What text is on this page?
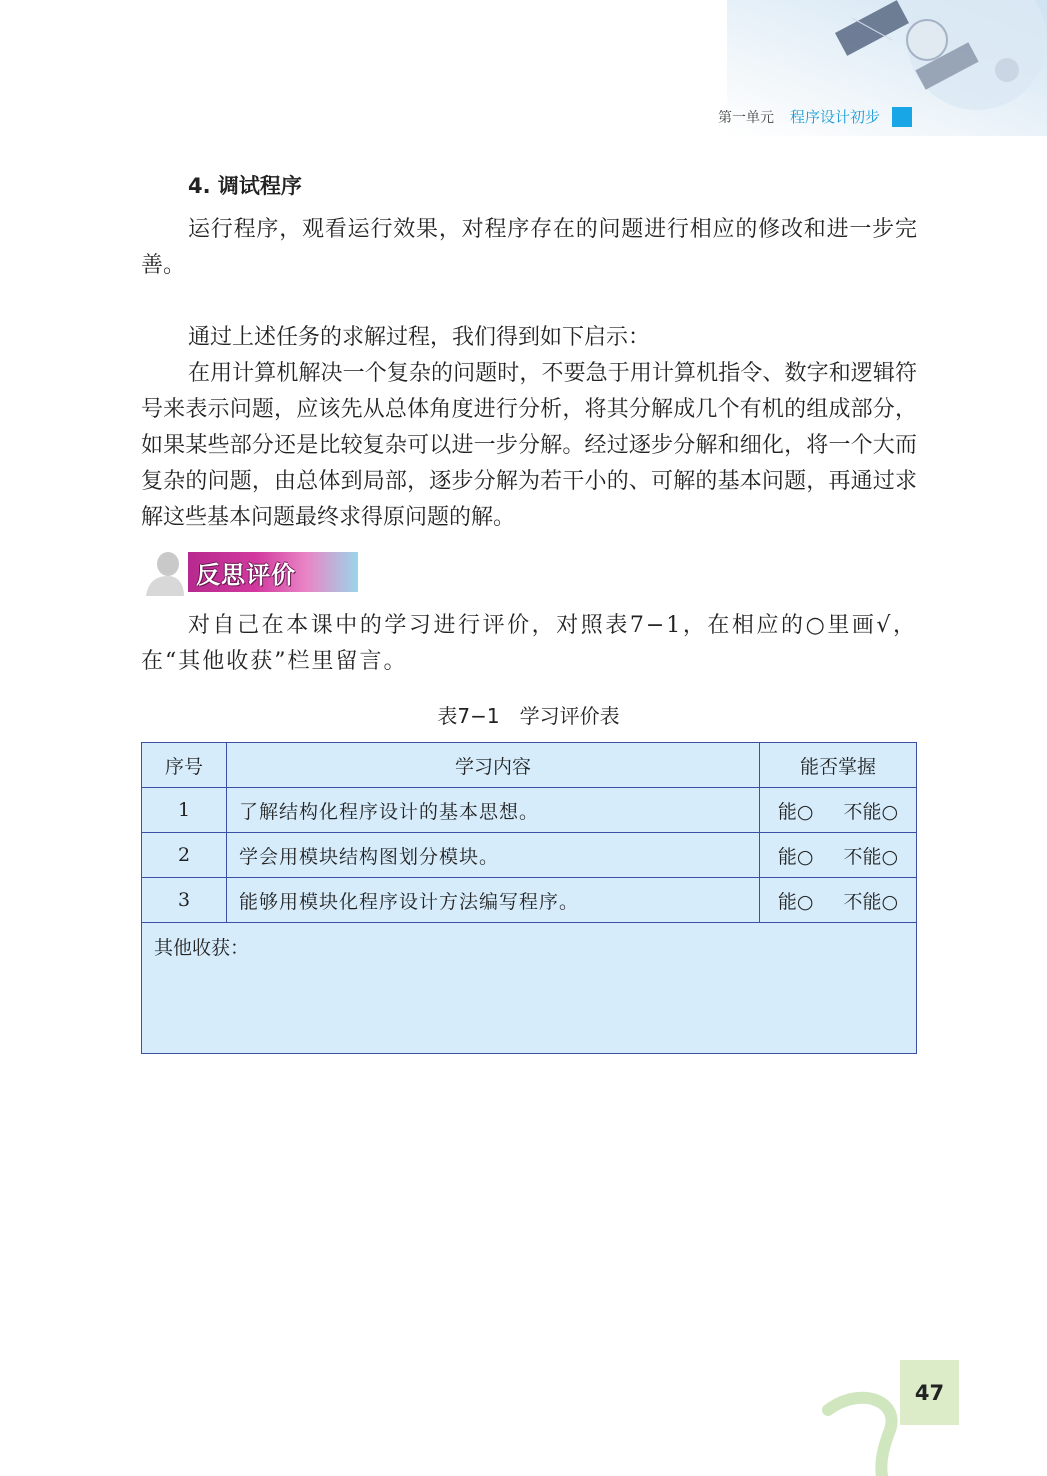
第一单元 程序设计初步
4. 调试程序

运行程序，观看运行效果，对程序存在的问题进行相应的修改和进一步完善。

通过上述任务的求解过程，我们得到如下启示：

在用计算机解决一个复杂的问题时，不要急于用计算机指令、数字和逻辑符号来表示问题，应该先从总体角度进行分析，将其分解成几个有机的组成部分，如果某些部分还是比较复杂可以进一步分解。经过逐步分解和细化，将一个大而复杂的问题，由总体到局部，逐步分解为若干小的、可解的基本问题，再通过求解这些基本问题最终求得原问题的解。

反思评价

对自己在本课中的学习进行评价，对照表7−1，在相应的○里画√，在“其他收获”栏里留言。

表7−1　学习评价表
序号	学习内容	能否掌握
1	了解结构化程序设计的基本思想。	能○ 不能○
2	学会用模块结构图划分模块。	能○ 不能○
3	能够用模块化程序设计方法编写程序。	能○ 不能○
其他收获：		
47
